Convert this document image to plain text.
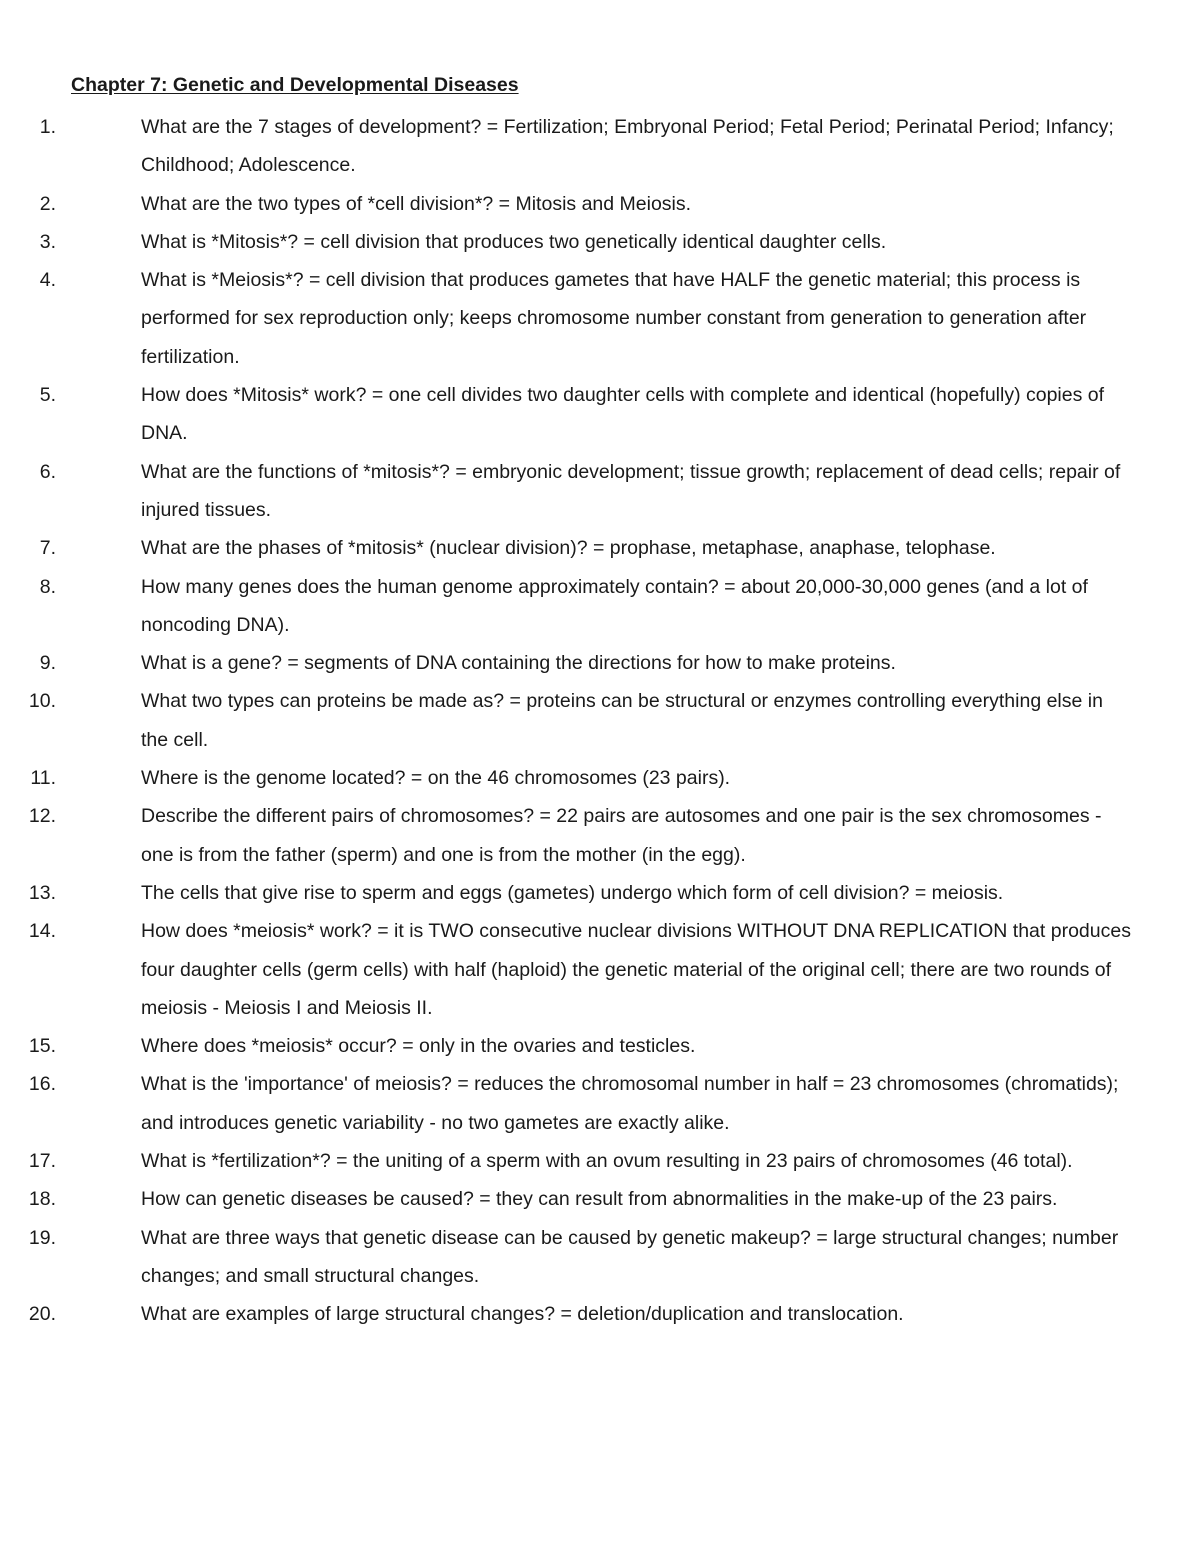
Chapter 7: Genetic and Developmental Diseases
1.	What are the 7 stages of development? = Fertilization; Embryonal Period; Fetal Period; Perinatal Period; Infancy; Childhood; Adolescence.
2.	What are the two types of *cell division*? = Mitosis and Meiosis.
3.	What is *Mitosis*? = cell division that produces two genetically identical daughter cells.
4.	What is *Meiosis*? = cell division that produces gametes that have HALF the genetic material; this process is performed for sex reproduction only; keeps chromosome number constant from generation to generation after fertilization.
5.	How does *Mitosis* work? = one cell divides two daughter cells with complete and identical (hopefully) copies of DNA.
6.	What are the functions of *mitosis*? = embryonic development; tissue growth; replacement of dead cells; repair of injured tissues.
7.	What are the phases of *mitosis* (nuclear division)? = prophase, metaphase, anaphase, telophase.
8.	How many genes does the human genome approximately contain? = about 20,000-30,000 genes (and a lot of noncoding DNA).
9.	What is a gene? = segments of DNA containing the directions for how to make proteins.
10.	What two types can proteins be made as? = proteins can be structural or enzymes controlling everything else in the cell.
11.	Where is the genome located? = on the 46 chromosomes (23 pairs).
12.	Describe the different pairs of chromosomes? = 22 pairs are autosomes and one pair is the sex chromosomes - one is from the father (sperm) and one is from the mother (in the egg).
13.	The cells that give rise to sperm and eggs (gametes) undergo which form of cell division? = meiosis.
14.	How does *meiosis* work? = it is TWO consecutive nuclear divisions WITHOUT DNA REPLICATION that produces four daughter cells (germ cells) with half (haploid) the genetic material of the original cell; there are two rounds of meiosis - Meiosis I and Meiosis II.
15.	Where does *meiosis* occur? = only in the ovaries and testicles.
16.	What is the 'importance' of meiosis? = reduces the chromosomal number in half = 23 chromosomes (chromatids); and introduces genetic variability - no two gametes are exactly alike.
17.	What is *fertilization*? = the uniting of a sperm with an ovum resulting in 23 pairs of chromosomes (46 total).
18.	How can genetic diseases be caused? = they can result from abnormalities in the make-up of the 23 pairs.
19.	What are three ways that genetic disease can be caused by genetic makeup? = large structural changes; number changes; and small structural changes.
20.	What are examples of large structural changes? = deletion/duplication and translocation.
